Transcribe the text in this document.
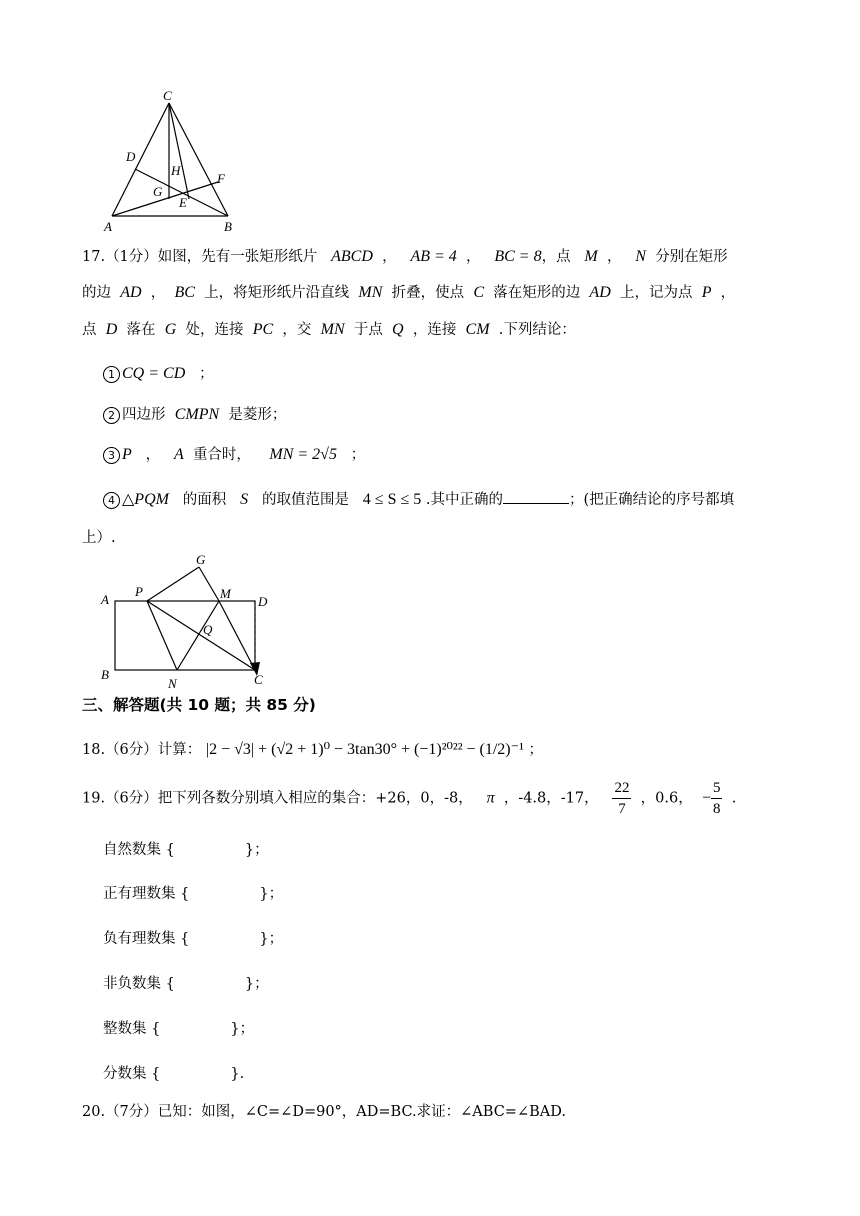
C
D
H
G
E
F
A	B
17.（1分）如图，先有一张矩形纸片 ABCD  ，   AB = 4  ，   BC = 8，点 M  ，   N 分别在矩形
的边 AD  ，  BC 上，将矩形纸片沿直线 MN 折叠，使点 C 落在矩形的边 AD 上，记为点 P  ，
点 D 落在 G 处，连接 PC ，交 MN 于点 Q ，连接 CM .下列结论：
1 CQ = CD ；
2 四边形 CMPN 是菱形；
3 P   ，   A 重合时， MN = 2√5 ；
4 △PQM 的面积 S 的取值范围是 4 ≤ S ≤ 5 .其中正确的	；(把正确结论的序号都填
上）.
A
P
G
M
D
Q
B
N	C
三、解答题(共 10 题；共 85 分)
18.（6分）计算： |2 − √3| + (√2 + 1)⁰ − 3tan30° + (−1)²⁰²² − (1/2)⁻¹ ；
19.（6分）把下列各数分别填入相应的集合：+26，0，-8， π ，-4.8，-17， $\frac{22}{7}$ ，0.6， − $\frac{5}{8}$ .
自然数集 {	}；
正有理数集 {	}；
负有理数集 {	}；
非负数集 {	}；
整数集 {	}；
分数集 {	}.
20.（7分）已知：如图，∠C=∠D=90°，AD=BC.求证：∠ABC=∠BAD.
